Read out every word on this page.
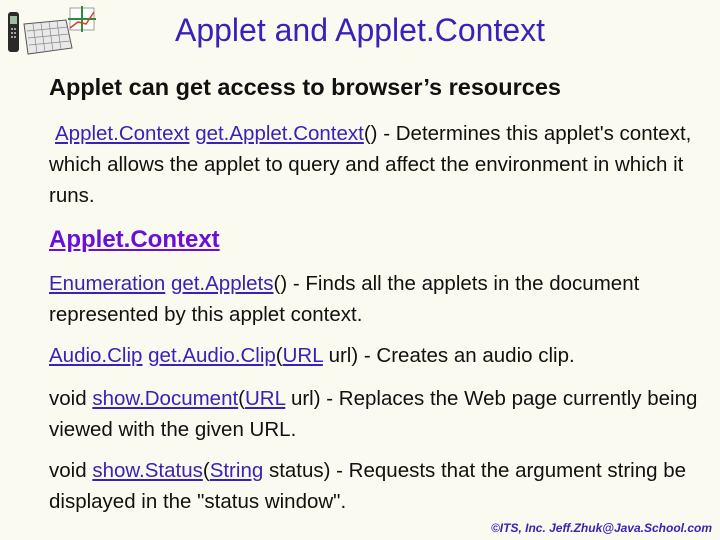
Applet and Applet.Context
Applet can get access to browser’s resources
Applet.Context get.Applet.Context() - Determines this applet's context, which allows the applet to query and affect the environment in which it runs.
Applet.Context
Enumeration get.Applets() - Finds all the applets in the document represented by this applet context.
Audio.Clip get.Audio.Clip(URL url) - Creates an audio clip.
void show.Document(URL url) - Replaces the Web page currently being viewed with the given URL.
void show.Status(String status) - Requests that the argument string be displayed in the "status window".
©ITS, Inc. Jeff.Zhuk@Java.School.com
